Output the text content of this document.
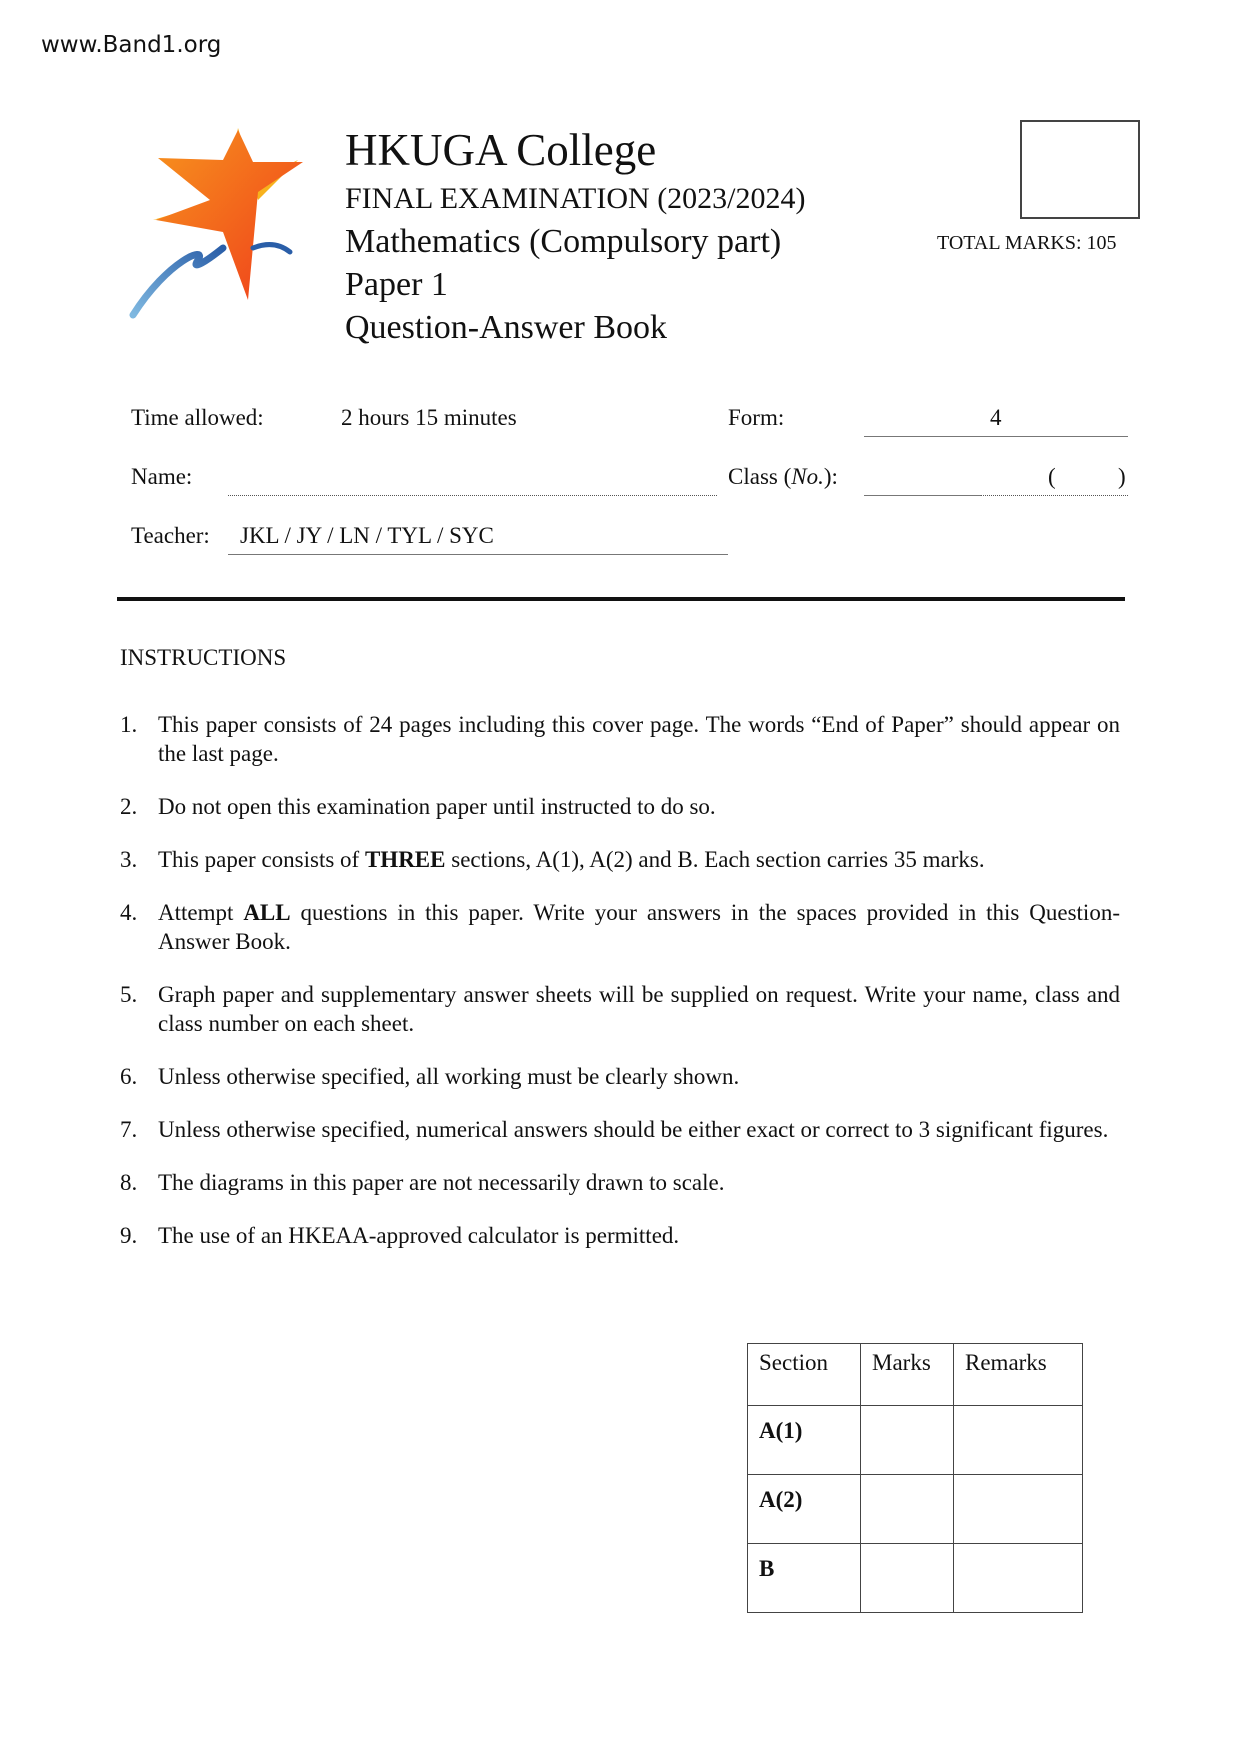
www.Band1.org
HKUGA College
FINAL EXAMINATION (2023/2024)
Mathematics (Compulsory part)
Paper 1
Question-Answer Book
TOTAL MARKS: 105
Time allowed:	2 hours 15 minutes	Form:	4
Name:	Class (No.):	(	)
Teacher: JKL / JY / LN / TYL / SYC
INSTRUCTIONS
1. This paper consists of 24 pages including this cover page. The words “End of Paper” should appear on the last page.
2. Do not open this examination paper until instructed to do so.
3. This paper consists of THREE sections, A(1), A(2) and B. Each section carries 35 marks.
4. Attempt ALL questions in this paper. Write your answers in the spaces provided in this Question-Answer Book.
5. Graph paper and supplementary answer sheets will be supplied on request. Write your name, class and class number on each sheet.
6. Unless otherwise specified, all working must be clearly shown.
7. Unless otherwise specified, numerical answers should be either exact or correct to 3 significant figures.
8. The diagrams in this paper are not necessarily drawn to scale.
9. The use of an HKEAA-approved calculator is permitted.
Section	Marks	Remarks
A(1)		
A(2)		
B		
